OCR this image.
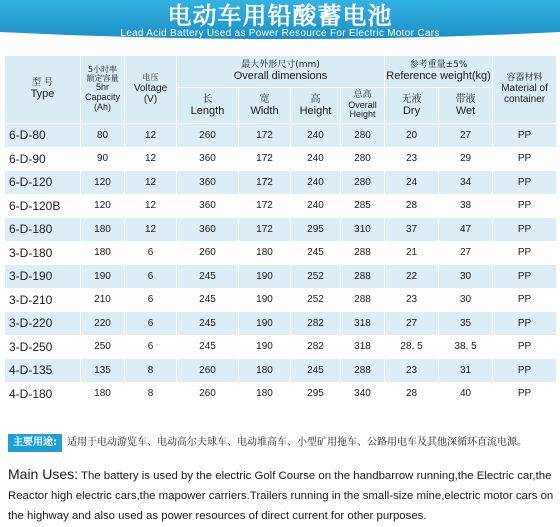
电动车用铅酸蓄电池
Lead Acid Battery Used as Power Resource For Electric Motor Cars
型 号
Type	5小时率
额定容量
5hr
Capacity
(Ah)	电压
Voltage
(V)	最大外形尺寸(mm)
Overall dimensions				参考重量±5%
Reference weight(kg)		容器材料
Material of
container

			长
Length	宽
Width	高
Height	总高
Overall
Height	无液
Dry	带液
Wet	

6-D-80	80	12	260	172	240	280	20	27	PP
6-D-90	90	12	360	172	240	280	23	29	PP
6-D-120	120	12	360	172	240	280	24	34	PP
6-D-120B	120	12	360	172	240	285	28	38	PP
6-D-180	180	12	360	172	295	310	37	47	PP
3-D-180	180	6	260	180	245	288	21	27	PP
3-D-190	190	6	245	190	252	288	22	30	PP
3-D-210	210	6	245	190	252	288	23	30	PP
3-D-220	220	6	245	190	282	318	27	35	PP
3-D-250	250	6	245	190	282	318	28. 5	38. 5	PP
4-D-135	135	8	260	180	245	288	23	31	PP
4-D-180	180	8	260	180	295	340	28	40	PP
主要用途: 适用于电动游览车、电动高尔夫球车、电动堆高车、小型矿用拖车、公路用电车及其他深循环直流电源。
Main Uses: The battery is used by the electric Golf Course on the handbarrow running,the Electric car,the Reactor high electric cars,the mapower carriers.Trailers running in the small-size mine,electric motor cars on the highway and also used as power resources of direct current for other purposes.
